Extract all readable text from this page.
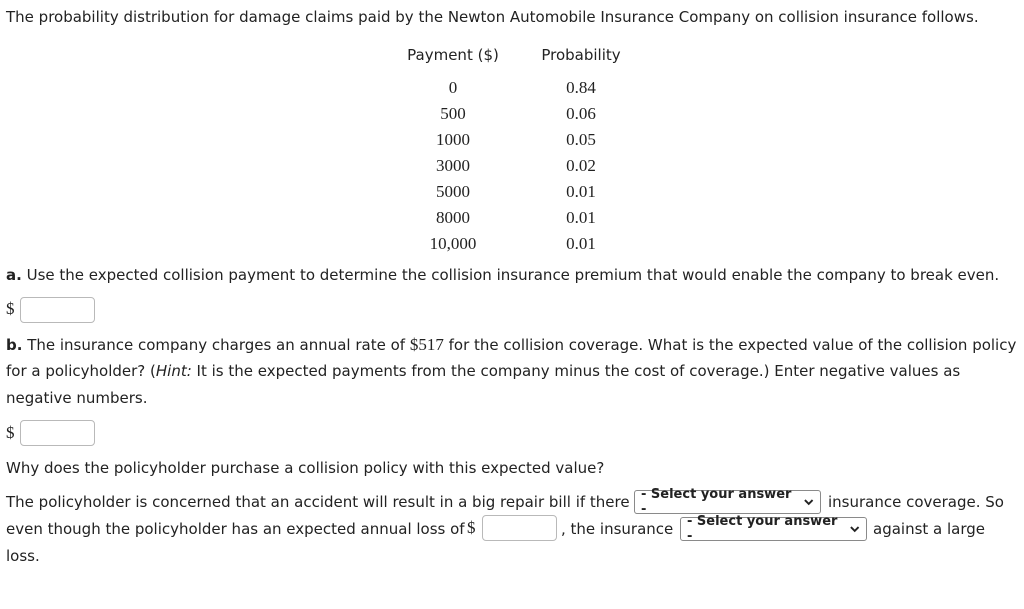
The probability distribution for damage claims paid by the Newton Automobile Insurance Company on collision insurance follows.
Payment ($)	Probability
0	0.84
500	0.06
1000	0.05
3000	0.02
5000	0.01
8000	0.01
10,000	0.01
a. Use the expected collision payment to determine the collision insurance premium that would enable the company to break even.
$
b. The insurance company charges an annual rate of $517 for the collision coverage. What is the expected value of the collision policy
for a policyholder? (Hint: It is the expected payments from the company minus the cost of coverage.) Enter negative values as
negative numbers.
$
Why does the policyholder purchase a collision policy with this expected value?
The policyholder is concerned that an accident will result in a big repair bill if there - Select your answer -	insurance coverage. So
even though the policyholder has an expected annual loss of $	, the insurance - Select your answer -	against a large
loss.
